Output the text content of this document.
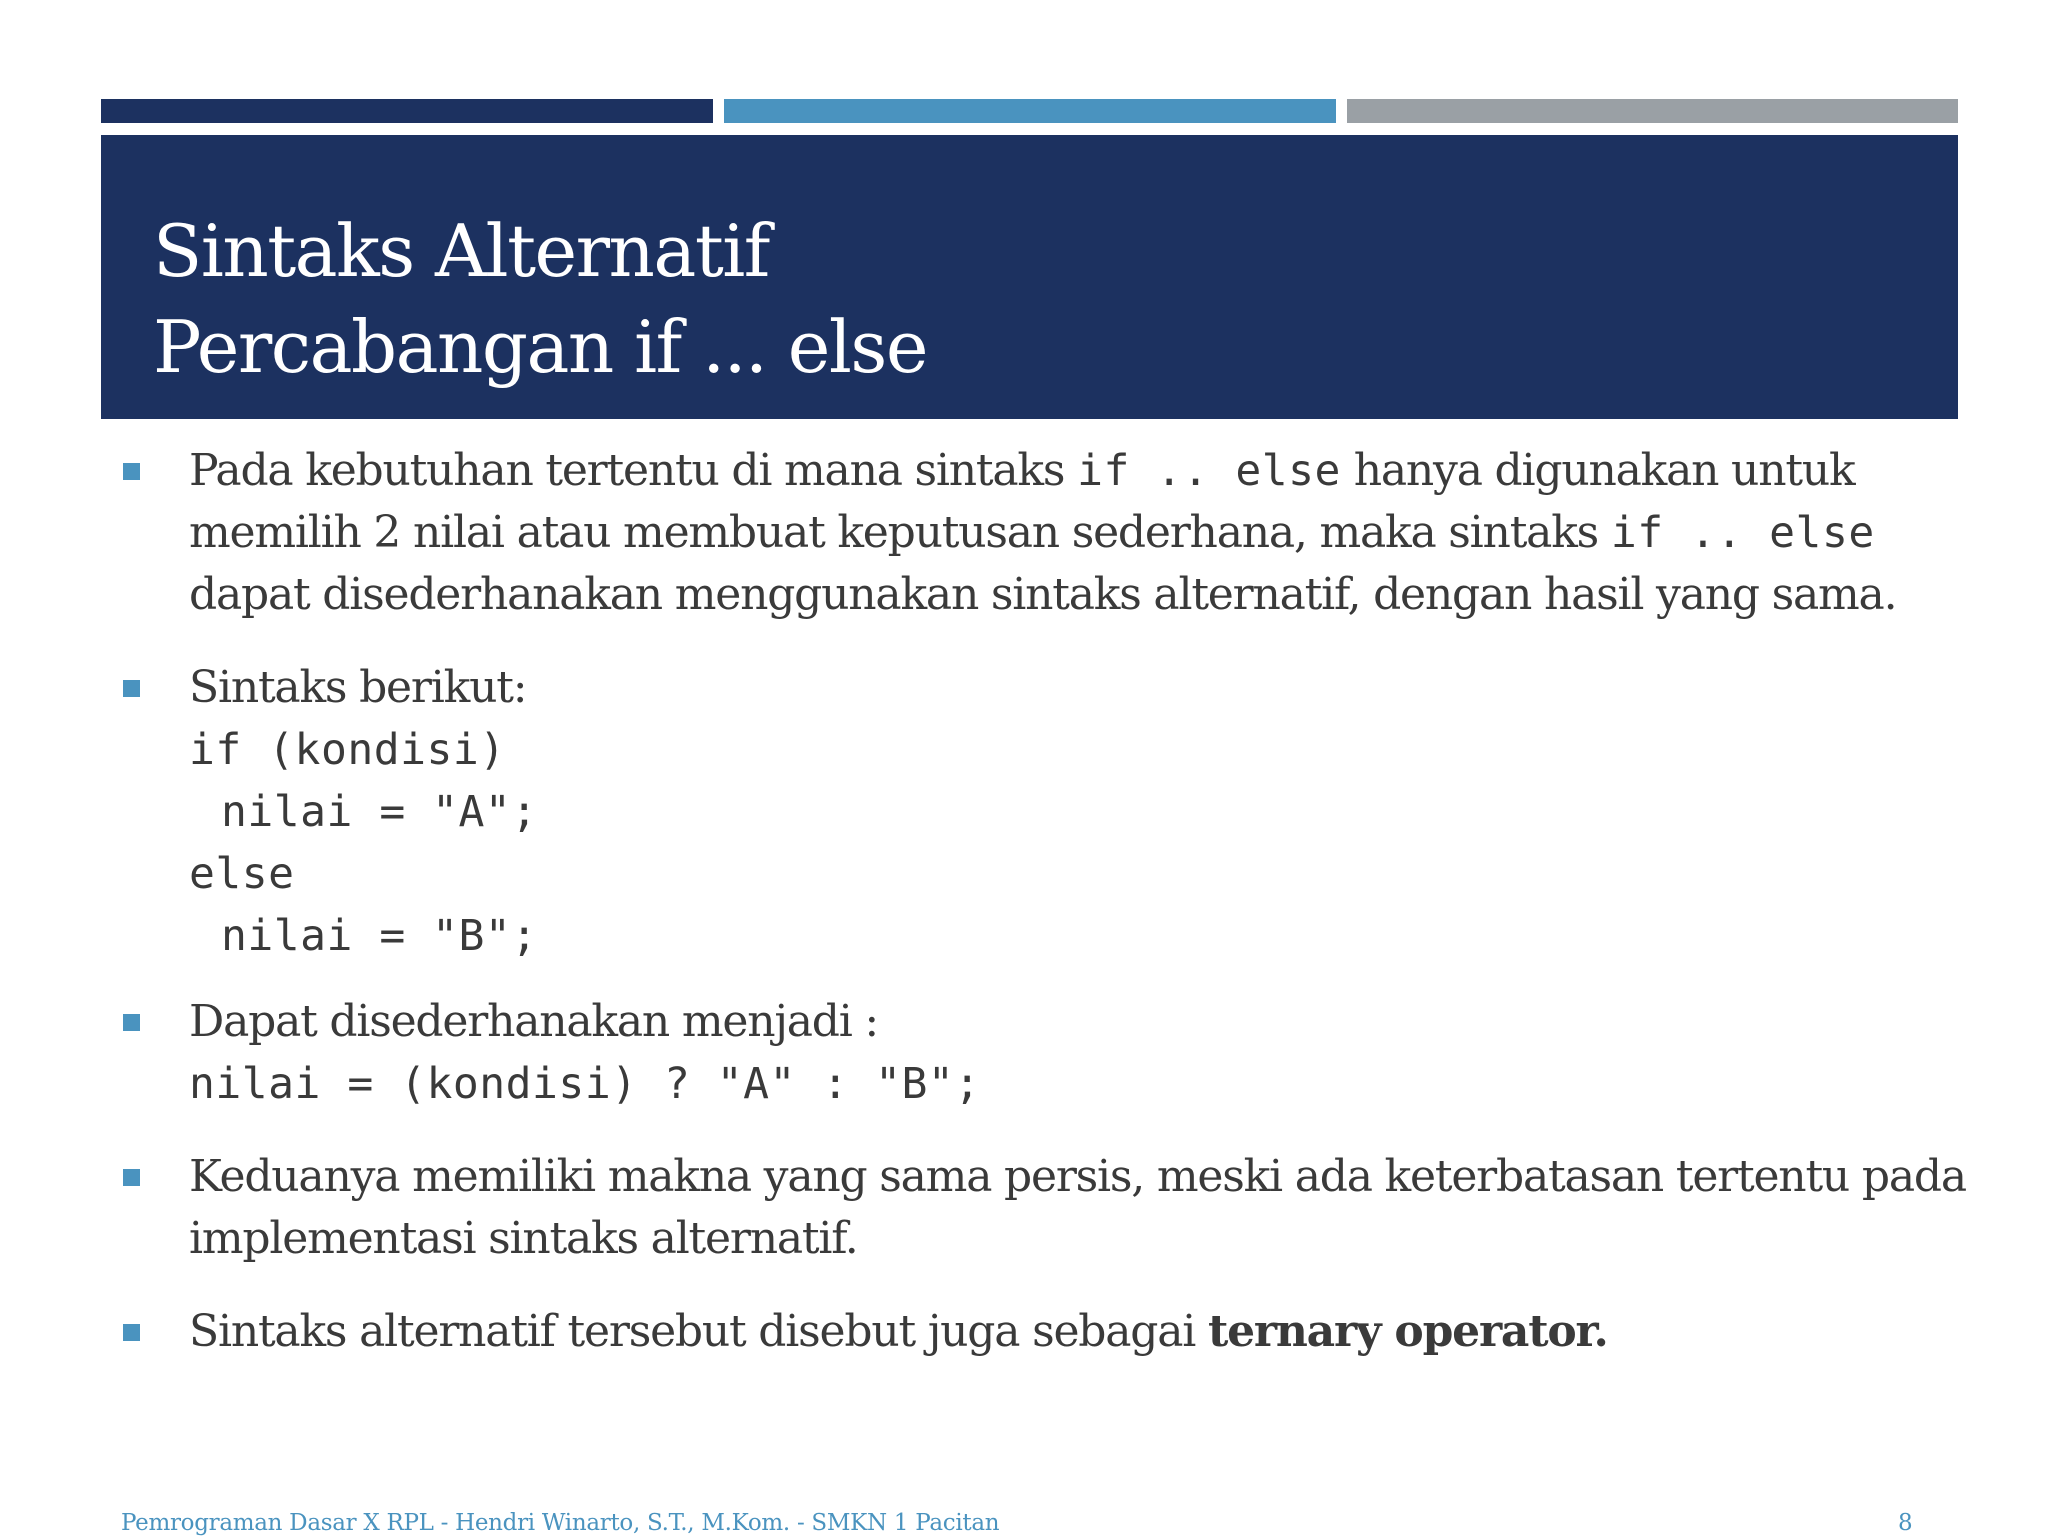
Sintaks Alternatif
Percabangan if ... else
Pada kebutuhan tertentu di mana sintaks if .. else hanya digunakan untuk
memilih 2 nilai atau membuat keputusan sederhana, maka sintaks if .. else
dapat disederhanakan menggunakan sintaks alternatif, dengan hasil yang sama.
Sintaks berikut:
if (kondisi)
nilai = "A";
else
nilai = "B";
Dapat disederhanakan menjadi :
nilai = (kondisi) ? "A" : "B";
Keduanya memiliki makna yang sama persis, meski ada keterbatasan tertentu pada
implementasi sintaks alternatif.
Sintaks alternatif tersebut disebut juga sebagai ternary operator.
Pemrograman Dasar X RPL - Hendri Winarto, S.T., M.Kom. - SMKN 1 Pacitan	8
